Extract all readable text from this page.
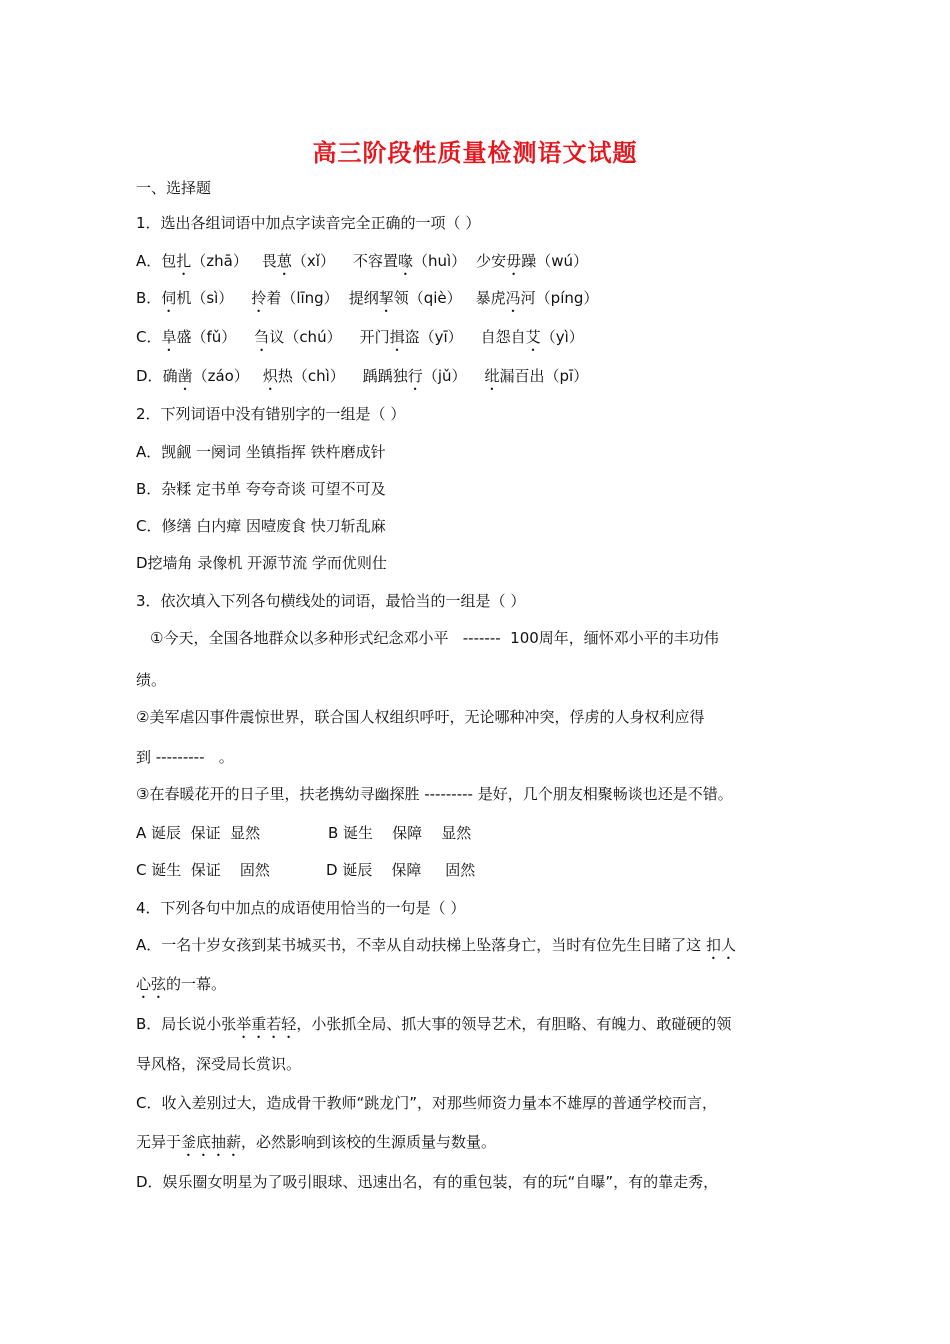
高三阶段性质量检测语文试题
一、选择题
1．选出各组词语中加点字读音完全正确的一项（ ）
A．包扎（zhā） 畏葸（xǐ） 不容置喙（huì） 少安毋躁（wú）
B．伺机（sì） 拎着（līng） 提纲挈领（qiè） 暴虎冯河（píng）
C．阜盛（fǔ） 刍议（chú） 开门揖盗（yī） 自怨自艾（yì）
D．确凿（záo） 炽热（chì） 踽踽独行（jǔ） 纰漏百出（pī）
2．下列词语中没有错别字的一组是（ ）
A．觊觎 一阕词 坐镇指挥 铁杵磨成针
B．杂糅 定书单 夸夸奇谈 可望不可及
C．修缮 白内瘴 因噎废食 快刀斩乱麻
D挖墙角 录像机 开源节流 学而优则仕
3．依次填入下列各句横线处的词语，最恰当的一组是（ ）
①今天，全国各地群众以多种形式纪念邓小平   -------  100周年，缅怀邓小平的丰功伟
绩。
②美军虐囚事件震惊世界，联合国人权组织呼吁，无论哪种冲突，俘虏的人身权利应得
到 ---------   。
③在春暖花开的日子里，扶老携幼寻幽探胜 --------- 是好，几个朋友相聚畅谈也还是不错。
A 诞辰  保证  显然	B 诞生    保障    显然
C 诞生  保证    固然	D 诞辰    保障     固然
4．下列各句中加点的成语使用恰当的一句是（ ）
A．一名十岁女孩到某书城买书，不幸从自动扶梯上坠落身亡，当时有位先生目睹了这 扣人
心弦的一幕。
B．局长说小张举重若轻，小张抓全局、抓大事的领导艺术，有胆略、有魄力、敢碰硬的领
导风格，深受局长赏识。
C．收入差别过大，造成骨干教师“跳龙门”，对那些师资力量本不雄厚的普通学校而言，
无异于釜底抽薪，必然影响到该校的生源质量与数量。
D．娱乐圈女明星为了吸引眼球、迅速出名，有的重包装，有的玩“自曝”，有的靠走秀，
